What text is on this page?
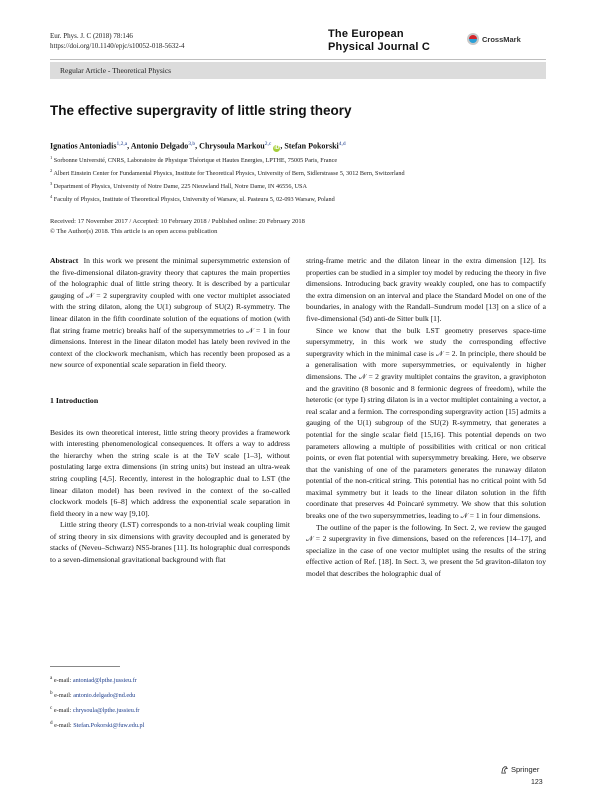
Eur. Phys. J. C (2018) 78:146
https://doi.org/10.1140/epjc/s10052-018-5632-4
The European
Physical Journal C
CrossMark
Regular Article - Theoretical Physics
The effective supergravity of little string theory
Ignatios Antoniadis$^{1,2,a}$, Antonio Delgado$^{3,b}$, Chrysoula Markou$^{2,c}$ iD, Stefan Pokorski$^{4,d}$
$^1$ Sorbonne Université, CNRS, Laboratoire de Physique Théorique et Hautes Energies, LPTHE, 75005 Paris, France
$^2$ Albert Einstein Center for Fundamental Physics, Institute for Theoretical Physics, University of Bern, Sidlerstrasse 5, 3012 Bern, Switzerland
$^3$ Department of Physics, University of Notre Dame, 225 Nieuwland Hall, Notre Dame, IN 46556, USA
$^4$ Faculty of Physics, Institute of Theoretical Physics, University of Warsaw, ul. Pasteura 5, 02-093 Warsaw, Poland
Received: 17 November 2017 / Accepted: 10 February 2018 / Published online: 20 February 2018
© The Author(s) 2018. This article is an open access publication

Abstract In this work we present the minimal supersymmetric extension of the five-dimensional dilaton-gravity theory that captures the main properties of the holographic dual of little string theory. It is described by a particular gauging of 𝒩 = 2 supergravity coupled with one vector multiplet associated with the string dilaton, along the U(1) subgroup of SU(2) R-symmetry. The linear dilaton in the fifth coordinate solution of the equations of motion (with flat string frame metric) breaks half of the supersymmetries to 𝒩 = 1 in four dimensions. Interest in the linear dilaton model has lately been revived in the context of the clockwork mechanism, which has recently been proposed as a new source of exponential scale separation in field theory.

1 Introduction

Besides its own theoretical interest, little string theory provides a framework with interesting phenomenological consequences. It offers a way to address the hierarchy when the string scale is at the TeV scale [1–3], without postulating large extra dimensions (in string units) but instead an ultra-weak string coupling [4,5]. Recently, interest in the holographic dual to LST (the linear dilaton model) has been revived in the context of the so-called clockwork models [6–8] which address the exponential scale separation in field theory in a new way [9,10].

Little string theory (LST) corresponds to a non-trivial weak coupling limit of string theory in six dimensions with gravity decoupled and is generated by stacks of (Neveu–Schwarz) NS5-branes [11]. Its holographic dual corresponds to a seven-dimensional gravitational background with flat

string-frame metric and the dilaton linear in the extra dimension [12]. Its properties can be studied in a simpler toy model by reducing the theory in five dimensions. Introducing back gravity weakly coupled, one has to compactify the extra dimension on an interval and place the Standard Model on one of the boundaries, in analogy with the Randall–Sundrum model [13] on a slice of a five-dimensional (5d) anti-de Sitter bulk [1].

Since we know that the bulk LST geometry preserves space-time supersymmetry, in this work we study the corresponding effective supergravity which in the minimal case is 𝒩 = 2. In principle, there should be a generalisation with more supersymmetries, or equivalently in higher dimensions. The 𝒩 = 2 gravity multiplet contains the graviton, a graviphoton and the gravitino (8 bosonic and 8 fermionic degrees of freedom), while the heterotic (or type I) string dilaton is in a vector multiplet containing a vector, a real scalar and a fermion. The corresponding supergravity action [15] admits a gauging of the U(1) subgroup of the SU(2) R-symmetry, that generates a potential for the single scalar field [15,16]. This potential depends on two parameters allowing a multiple of possibilities with critical or non critical points, or even flat potential with supersymmetry breaking. Here, we observe that the vanishing of one of the parameters generates the runaway dilaton potential of the non-critical string. This potential has no critical point with 5d maximal symmetry but it leads to the linear dilaton solution in the fifth coordinate that preserves 4d Poincaré symmetry. We show that this solution breaks one of the two supersymmetries, leading to 𝒩 = 1 in four dimensions.

The outline of the paper is the following. In Sect. 2, we review the gauged 𝒩 = 2 supergravity in five dimensions, based on the references [14–17], and specialize in the case of one vector multiplet using the results of the string effective action of Ref. [18]. In Sect. 3, we present the 5d graviton-dilaton toy model that describes the holographic dual of

$^a$ e-mail: antoniad@lpthe.jussieu.fr
$^b$ e-mail: antonio.delgado@nd.edu
$^c$ e-mail: chrysoula@lpthe.jussieu.fr
$^d$ e-mail: Stefan.Pokorski@fuw.edu.pl
Springer
123
